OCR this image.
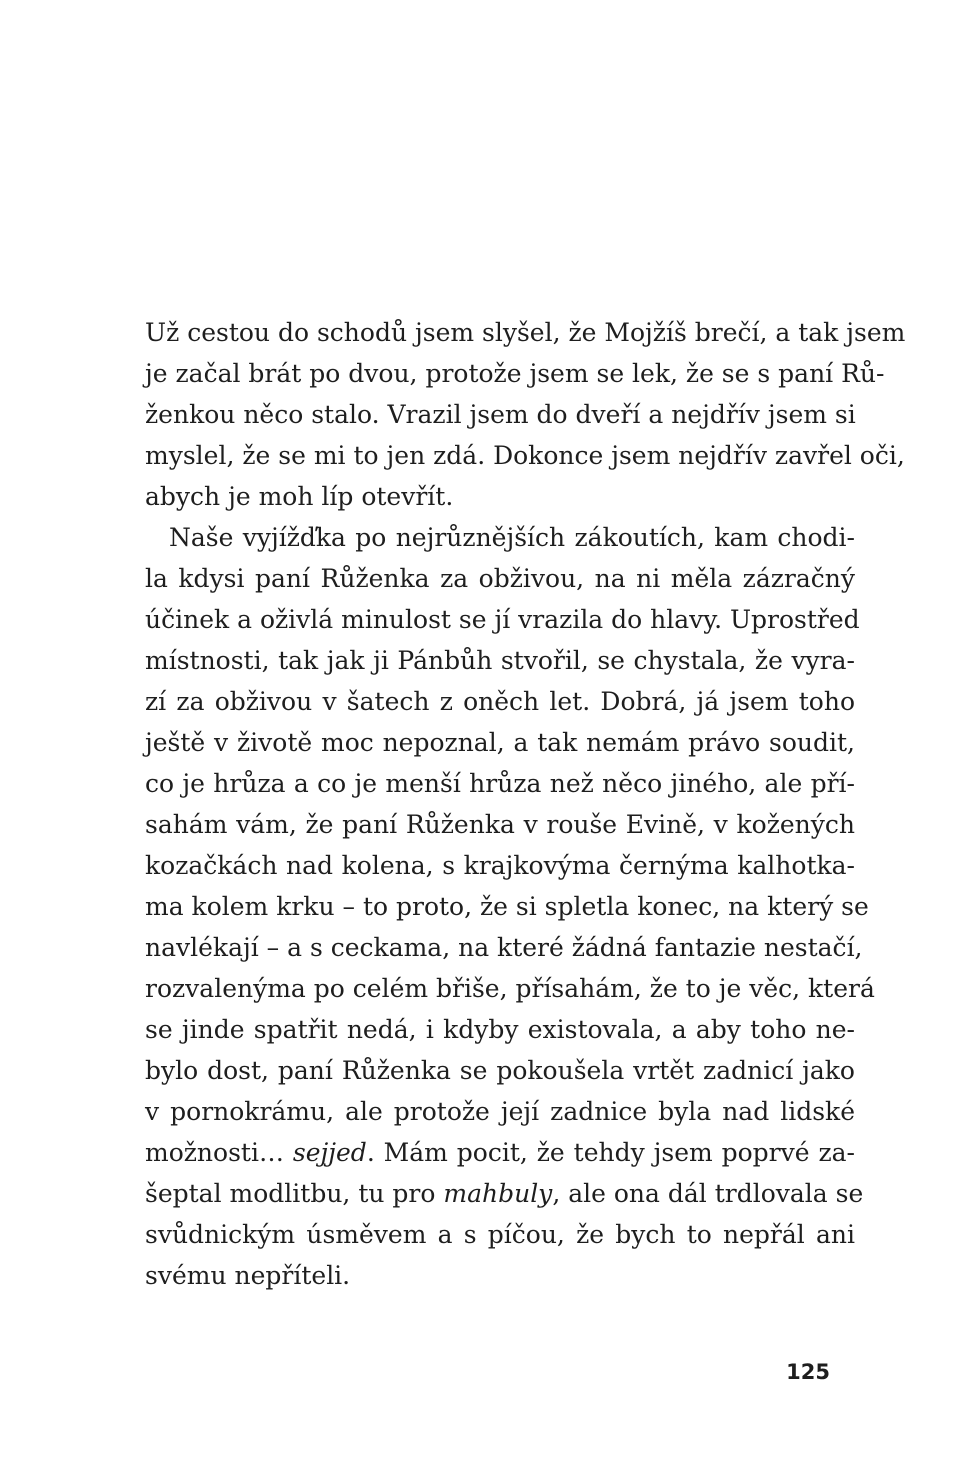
Už cestou do schodů jsem slyšel, že Mojžíš brečí, a tak jsem
je začal brát po dvou, protože jsem se lek, že se s paní Rů-
ženkou něco stalo. Vrazil jsem do dveří a nejdřív jsem si
myslel, že se mi to jen zdá. Dokonce jsem nejdřív zavřel oči,
abych je moh líp otevřít.
Naše vyjížďka po nejrůznějších zákoutích, kam chodi-
la kdysi paní Růženka za obživou, na ni měla zázračný
účinek a oživlá minulost se jí vrazila do hlavy. Uprostřed
místnosti, tak jak ji Pánbůh stvořil, se chystala, že vyra-
zí za obživou v šatech z oněch let. Dobrá, já jsem toho
ještě v životě moc nepoznal, a tak nemám právo soudit,
co je hrůza a co je menší hrůza než něco jiného, ale pří-
sahám vám, že paní Růženka v rouše Evině, v kožených
kozačkách nad kolena, s krajkovýma černýma kalhotka-
ma kolem krku – to proto, že si spletla konec, na který se
navlékají – a s ceckama, na které žádná fantazie nestačí,
rozvalenýma po celém břiše, přísahám, že to je věc, která
se jinde spatřit nedá, i kdyby existovala, a aby toho ne-
bylo dost, paní Růženka se pokoušela vrtět zadnicí jako
v pornokrámu, ale protože její zadnice byla nad lidské
možnosti… sejjed. Mám pocit, že tehdy jsem poprvé za-
šeptal modlitbu, tu pro mahbuly, ale ona dál trdlovala se
svůdnickým úsměvem a s píčou, že bych to nepřál ani
svému nepříteli.
125
